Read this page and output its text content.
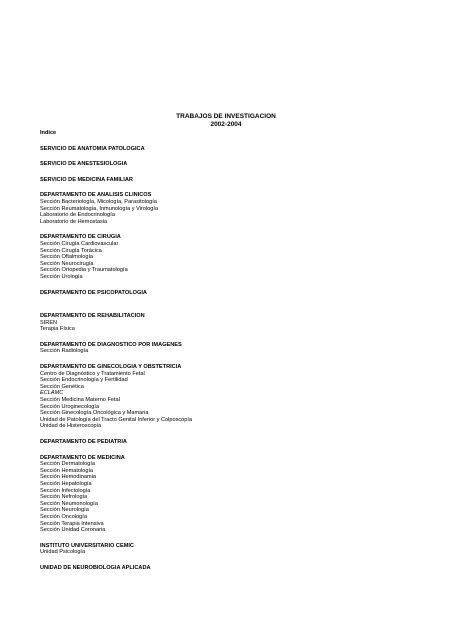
TRABAJOS DE INVESTIGACION
2002-2004
Indice
SERVICIO DE ANATOMIA PATOLOGICA
SERVICIO DE ANESTESIOLOGIA
SERVICIO DE MEDICINA FAMILIAR
DEPARTAMENTO DE ANALISIS CLINICOS
Sección Bacteriología, Micología, Parasitología
Sección Reumatología, Inmunología y Virología
Laboratorio de Endocrinología
Laboratorio de Hemostasia
DEPARTAMENTO DE CIRUGIA
Sección Cirugía Cardiovascular
Sección Cirugía Torácica
Sección Oftalmología
Sección Neurocirugía
Sección Ortopedia y Traumatología
Sección Urología
DEPARTAMENTO DE PSICOPATOLOGIA
DEPARTAMENTO DE REHABILITACION
SIREN
Terapia Física
DEPARTAMENTO DE DIAGNOSTICO POR IMAGENES
Sección Radiología
DEPARTAMENTO DE GINECOLOGIA Y OBSTETRICIA
Centro de Diagnóstico y Tratamiento Fetal
Sección Endocrinología y Fertilidad
Sección Genética
ECLAMC
Sección Medicina Materno Fetal
Sección Uroginecología
Sección Ginecología Oncológica y Mamaria
Unidad de Patología del Tracto Genital Inferior y Colposcopía
Unidad de Histeroscopía
DEPARTAMENTO DE PEDIATRIA
DEPARTAMENTO DE MEDICINA
Sección Dermatología
Sección Hematología
Sección Hemodinamia
Sección Hepatología
Sección Infectología
Sección Nefrología
Sección Neumonología
Sección Neurología
Sección Oncología
Sección Terapia Intensiva
Sección Unidad Coronaria
INSTITUTO UNIVERSITARIO CEMIC
Unidad Psicología
UNIDAD DE NEUROBIOLOGIA APLICADA
